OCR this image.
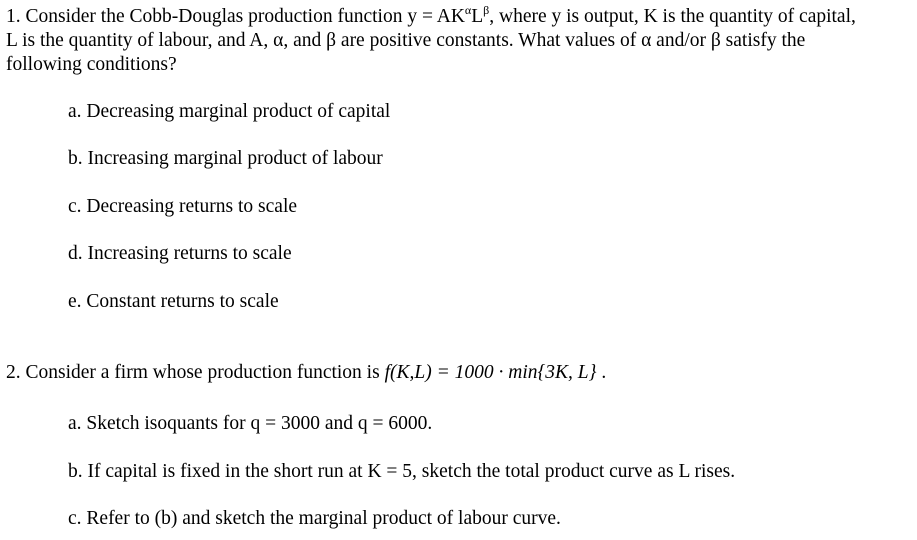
1. Consider the Cobb-Douglas production function $y = AK^\alpha L^\beta$, where y is output, K is the quantity of capital,

L is the quantity of labour, and A, α, and β are positive constants. What values of α and/or β satisfy the

following conditions?

a. Decreasing marginal product of capital
b. Increasing marginal product of labour
c. Decreasing returns to scale
d. Increasing returns to scale
e. Constant returns to scale
2. Consider a firm whose production function is f(K,L) = 1000 · min{3K, L} .
a. Sketch isoquants for q = 3000 and q = 6000.
b. If capital is fixed in the short run at K = 5, sketch the total product curve as L rises.
c. Refer to (b) and sketch the marginal product of labour curve.
